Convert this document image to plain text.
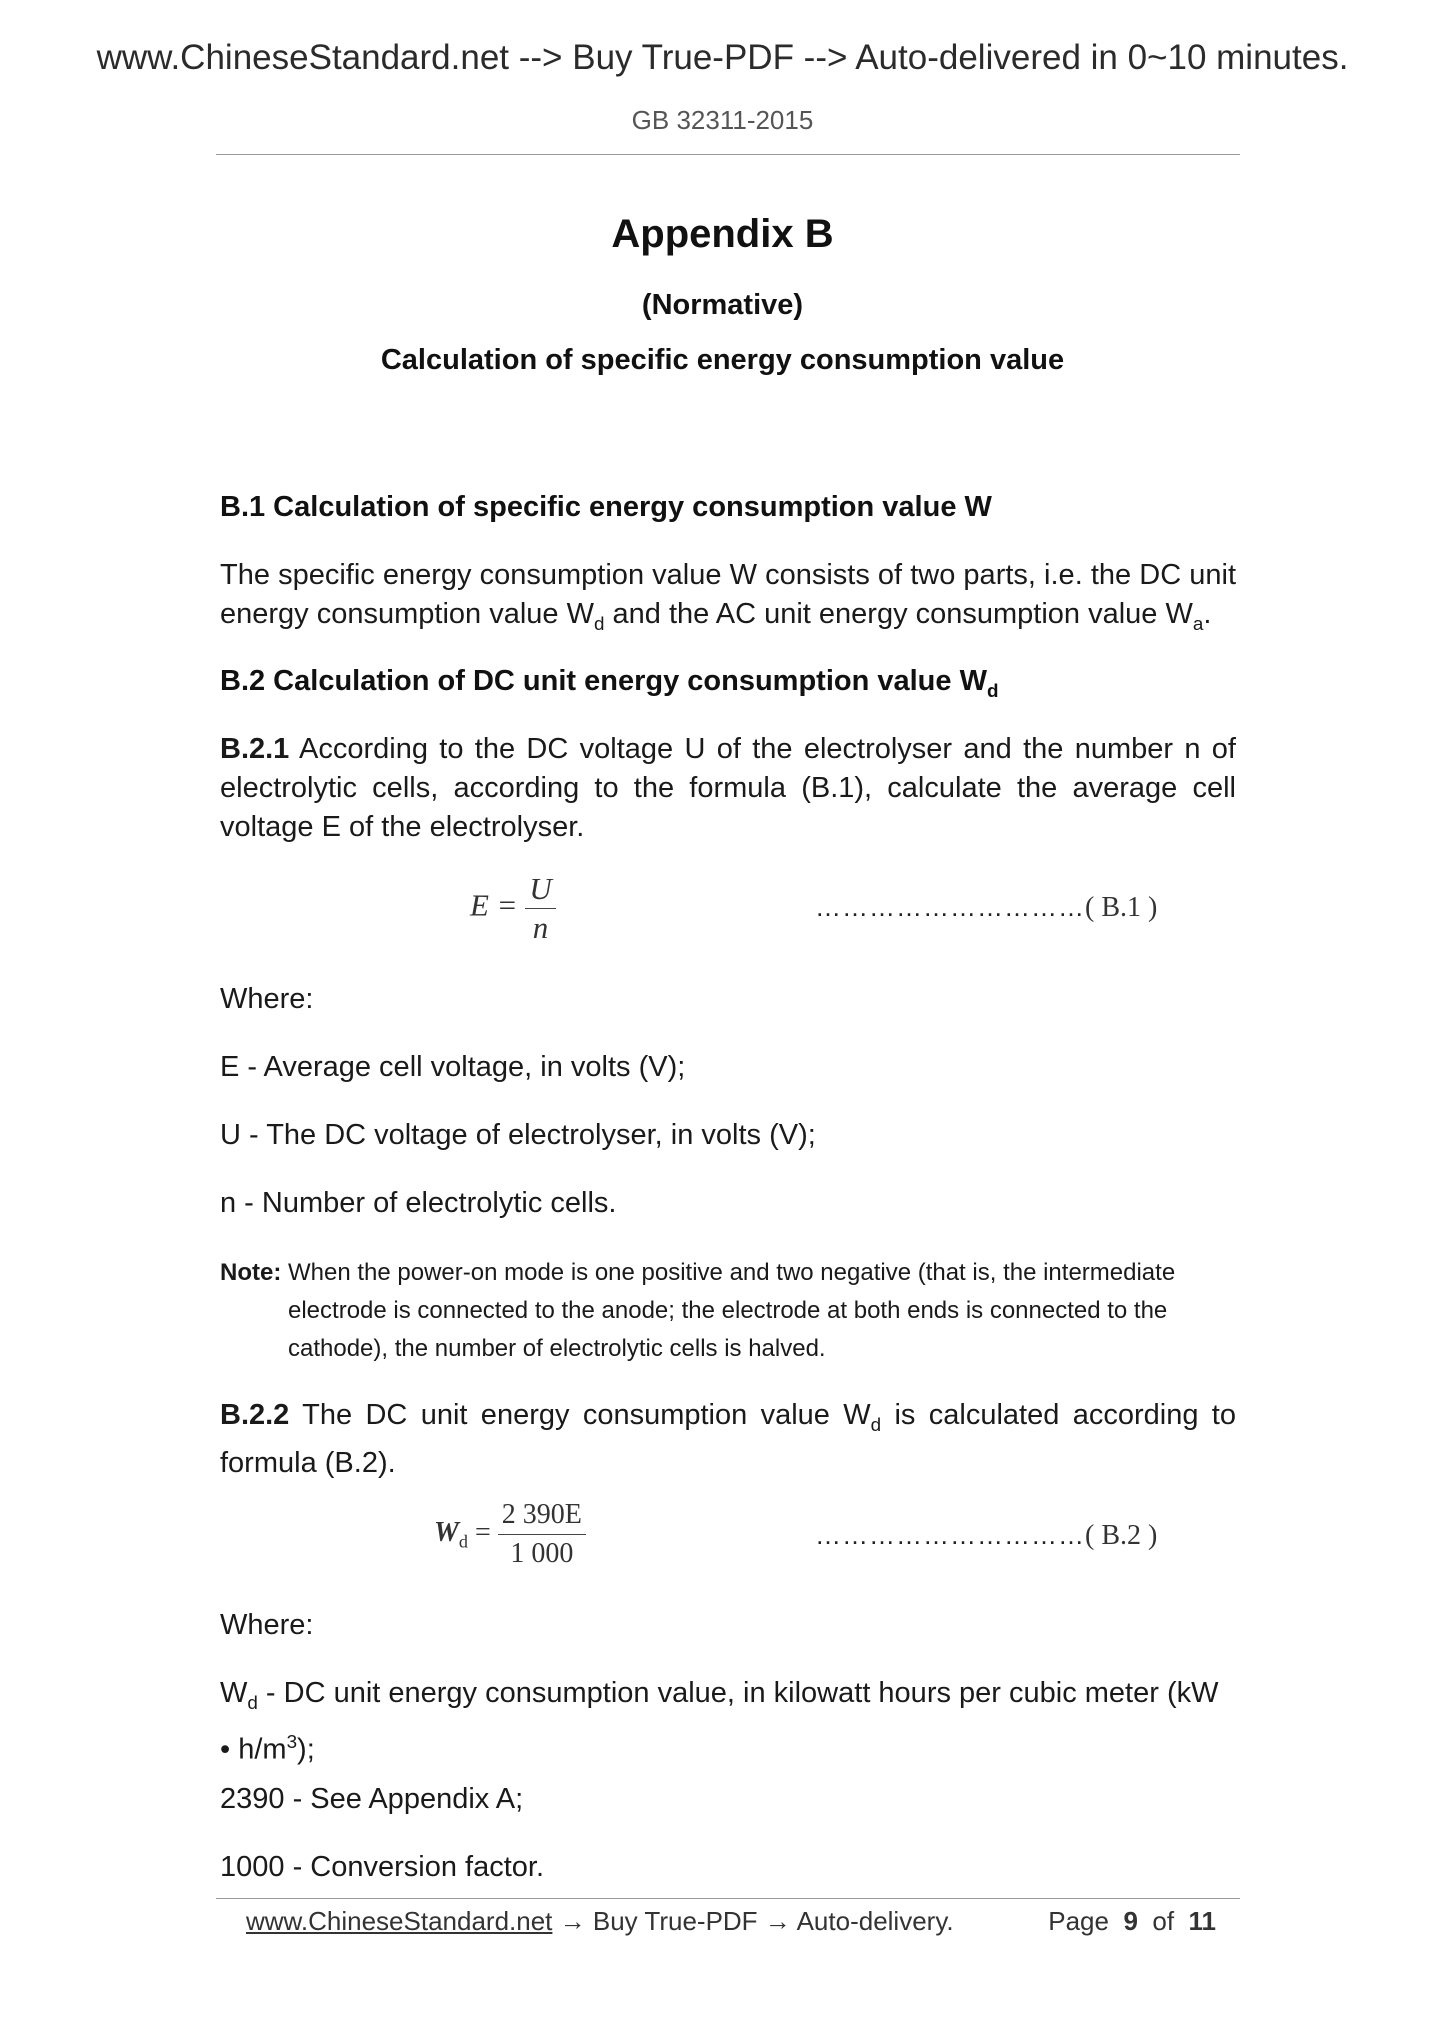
www.ChineseStandard.net --> Buy True-PDF --> Auto-delivered in 0~10 minutes.
GB 32311-2015
Appendix B
(Normative)
Calculation of specific energy consumption value
B.1 Calculation of specific energy consumption value W
The specific energy consumption value W consists of two parts, i.e. the DC unit energy consumption value $W_d$ and the AC unit energy consumption value $W_a$.
B.2 Calculation of DC unit energy consumption value $W_d$
B.2.1 According to the DC voltage U of the electrolyser and the number n of electrolytic cells, according to the formula (B.1), calculate the average cell voltage E of the electrolyser.
$E = \frac{U}{n}$	…………………………( B.1 )
Where:
E - Average cell voltage, in volts (V);
U - The DC voltage of electrolyser, in volts (V);
n - Number of electrolytic cells.
Note: When the power-on mode is one positive and two negative (that is, the intermediate
electrode is connected to the anode; the electrode at both ends is connected to the
cathode), the number of electrolytic cells is halved.
B.2.2 The DC unit energy consumption value $W_d$ is calculated according to formula (B.2).
$W_d = \frac{2 390E}{1 000}$	…………………………( B.2 )
Where:
$W_d$ - DC unit energy consumption value, in kilowatt hours per cubic meter (kW • $h/m^3$);
2390 - See Appendix A;
1000 - Conversion factor.
www.ChineseStandard.net → Buy True-PDF → Auto-delivery.	Page 9 of 11
